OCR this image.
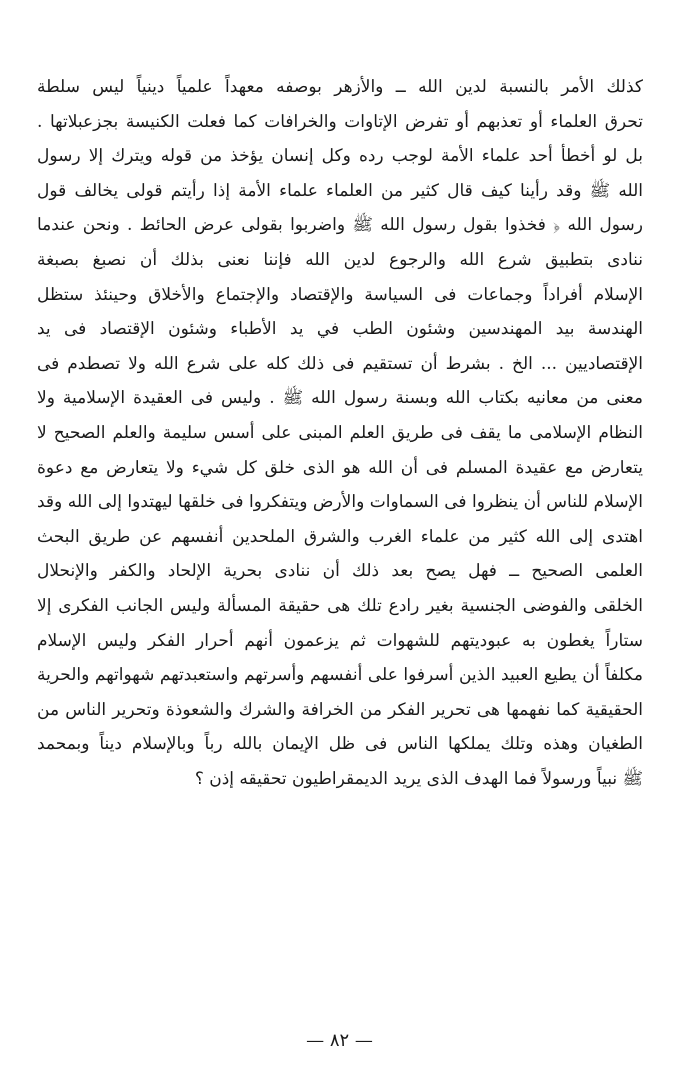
كذلك الأمر بالنسبة لدين الله ــ والأزهر بوصفه معهداً علمياً دينياً ليس سلطة
تحرق العلماء أو تعذبهم أو تفرض الإتاوات والخرافات كما فعلت الكنيسة بجزعبلاتها .
بل لو أخطأ أحد علماء الأمة لوجب رده وكل إنسان يؤخذ من قوله ويترك إلا رسول
الله ﷺ وقد رأينا كيف قال كثير من العلماء علماء الأمة إذا رأيتم قولى يخالف قول
رسول الله ﴿ فخذوا بقول رسول الله ﷺ واضربوا بقولى عرض الحائط . ونحن عندما
ننادى بتطبيق شرع الله والرجوع لدين الله فإننا نعنى بذلك أن نصبغ بصبغة
الإسلام أفراداً وجماعات فى السياسة والإقتصاد والإجتماع والأخلاق وحينئذ ستظل
الهندسة بيد المهندسين وشئون الطب في يد الأطباء وشئون الإقتصاد فى يد
الإقتصاديين ... الخ . بشرط أن تستقيم فى ذلك كله على شرع الله ولا تصطدم فى
معنى من معانيه بكتاب الله وبسنة رسول الله ﷺ . وليس فى العقيدة الإسلامية ولا
النظام الإسلامى ما يقف فى طريق العلم المبنى على أسس سليمة والعلم الصحيح لا
يتعارض مع عقيدة المسلم فى أن الله هو الذى خلق كل شيء ولا يتعارض مع دعوة
الإسلام للناس أن ينظروا فى السماوات والأرض ويتفكروا فى خلقها ليهتدوا إلى الله وقد
اهتدى إلى الله كثير من علماء الغرب والشرق الملحدين أنفسهم عن طريق البحث
العلمى الصحيح ــ فهل يصح بعد ذلك أن ننادى بحرية الإلحاد والكفر والإنحلال
الخلقى والفوضى الجنسية بغير رادع تلك هى حقيقة المسألة وليس الجانب الفكرى إلا
ستاراً يغطون به عبوديتهم للشهوات ثم يزعمون أنهم أحرار الفكر وليس الإسلام
مكلفاً أن يطيع العبيد الذين أسرفوا على أنفسهم وأسرتهم واستعبدتهم شهواتهم والحرية
الحقيقية كما نفهمها هى تحرير الفكر من الخرافة والشرك والشعوذة وتحرير الناس من
الطغيان وهذه وتلك يملكها الناس فى ظل الإيمان بالله رباً وبالإسلام ديناً وبمحمد
ﷺ نبياً ورسولاً فما الهدف الذى يريد الديمقراطيون تحقيقه إذن ؟
— ٨٢ —
